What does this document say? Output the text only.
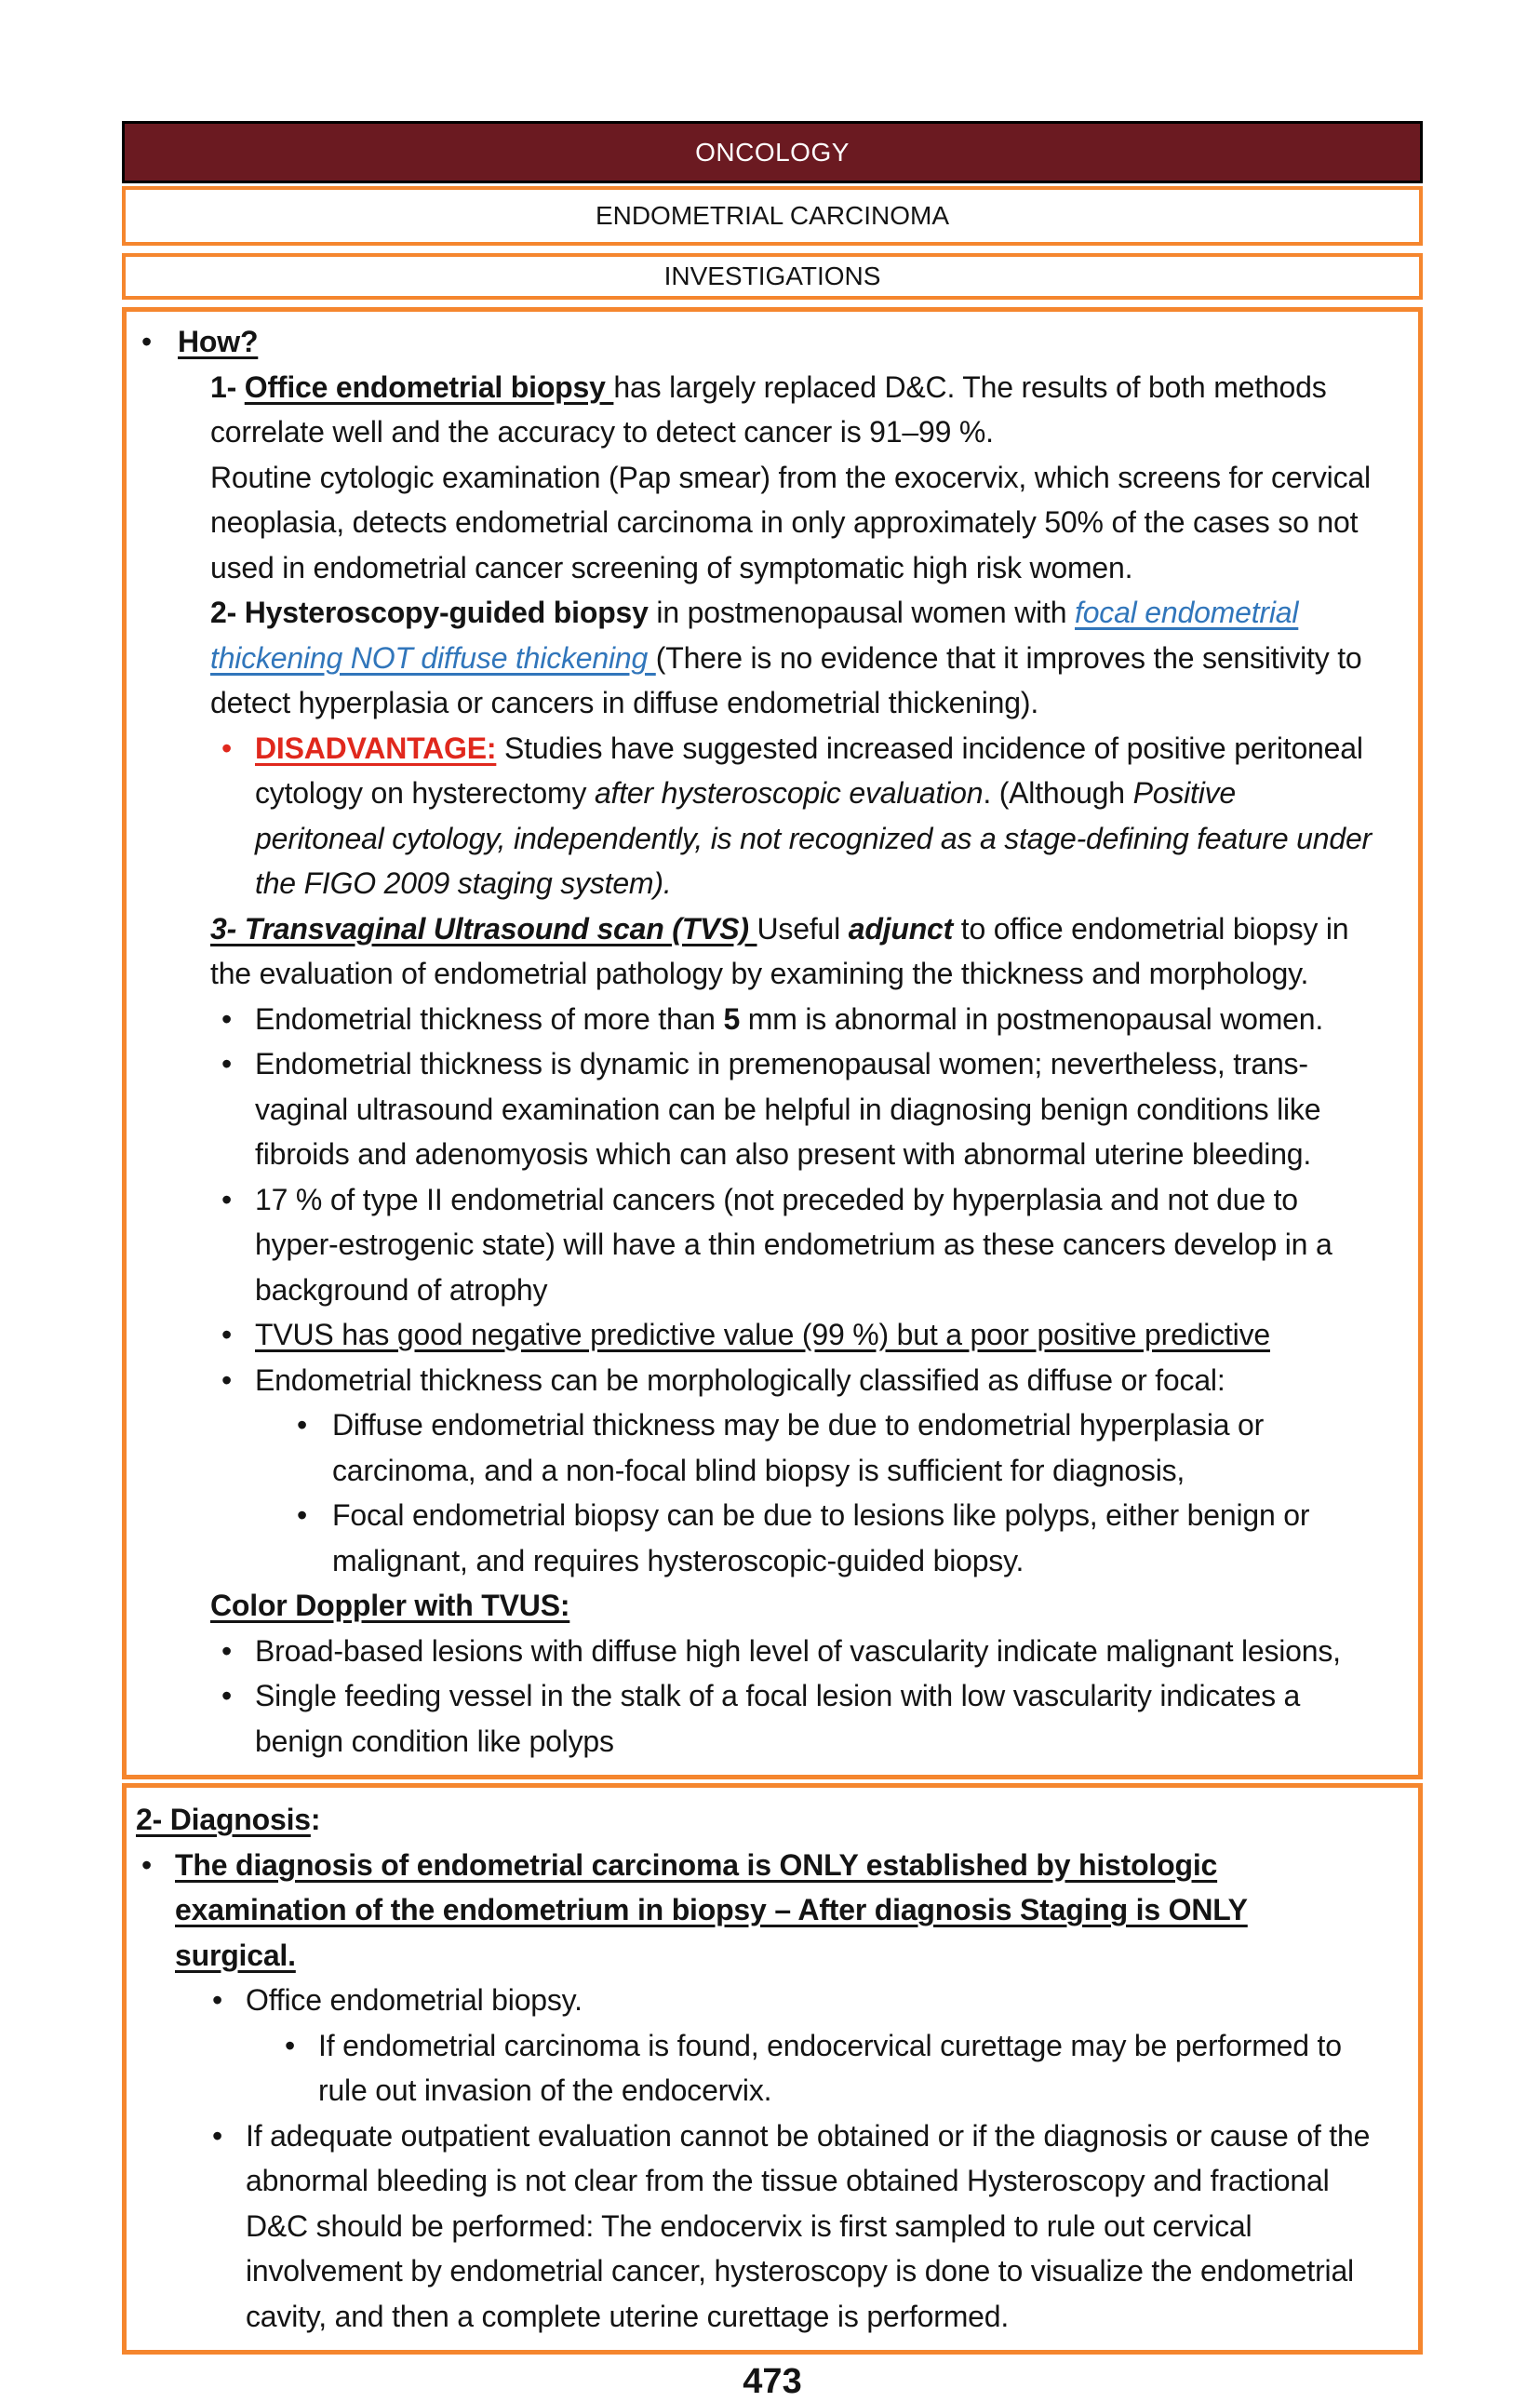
ONCOLOGY
ENDOMETRIAL CARCINOMA
INVESTIGATIONS
• How?
1- Office endometrial biopsy has largely replaced D&C. The results of both methods correlate well and the accuracy to detect cancer is 91–99 %.
Routine cytologic examination (Pap smear) from the exocervix, which screens for cervical neoplasia, detects endometrial carcinoma in only approximately 50% of the cases so not used in endometrial cancer screening of symptomatic high risk women.
2- Hysteroscopy-guided biopsy in postmenopausal women with focal endometrial thickening NOT diffuse thickening (There is no evidence that it improves the sensitivity to detect hyperplasia or cancers in diffuse endometrial thickening).
• DISADVANTAGE: Studies have suggested increased incidence of positive peritoneal cytology on hysterectomy after hysteroscopic evaluation. (Although Positive peritoneal cytology, independently, is not recognized as a stage-defining feature under the FIGO 2009 staging system).
3- Transvaginal Ultrasound scan (TVS) Useful adjunct to office endometrial biopsy in the evaluation of endometrial pathology by examining the thickness and morphology.
• Endometrial thickness of more than 5 mm is abnormal in postmenopausal women.
• Endometrial thickness is dynamic in premenopausal women; nevertheless, trans-vaginal ultrasound examination can be helpful in diagnosing benign conditions like fibroids and adenomyosis which can also present with abnormal uterine bleeding.
• 17 % of type II endometrial cancers (not preceded by hyperplasia and not due to hyper-estrogenic state) will have a thin endometrium as these cancers develop in a background of atrophy
• TVUS has good negative predictive value (99 %) but a poor positive predictive
• Endometrial thickness can be morphologically classified as diffuse or focal:
• Diffuse endometrial thickness may be due to endometrial hyperplasia or carcinoma, and a non-focal blind biopsy is sufficient for diagnosis,
• Focal endometrial biopsy can be due to lesions like polyps, either benign or malignant, and requires hysteroscopic-guided biopsy.
Color Doppler with TVUS:
• Broad-based lesions with diffuse high level of vascularity indicate malignant lesions,
• Single feeding vessel in the stalk of a focal lesion with low vascularity indicates a benign condition like polyps
2- Diagnosis:
• The diagnosis of endometrial carcinoma is ONLY established by histologic examination of the endometrium in biopsy – After diagnosis Staging is ONLY surgical.
• Office endometrial biopsy.
• If endometrial carcinoma is found, endocervical curettage may be performed to rule out invasion of the endocervix.
• If adequate outpatient evaluation cannot be obtained or if the diagnosis or cause of the abnormal bleeding is not clear from the tissue obtained Hysteroscopy and fractional D&C should be performed: The endocervix is first sampled to rule out cervical involvement by endometrial cancer, hysteroscopy is done to visualize the endometrial cavity, and then a complete uterine curettage is performed.
473
